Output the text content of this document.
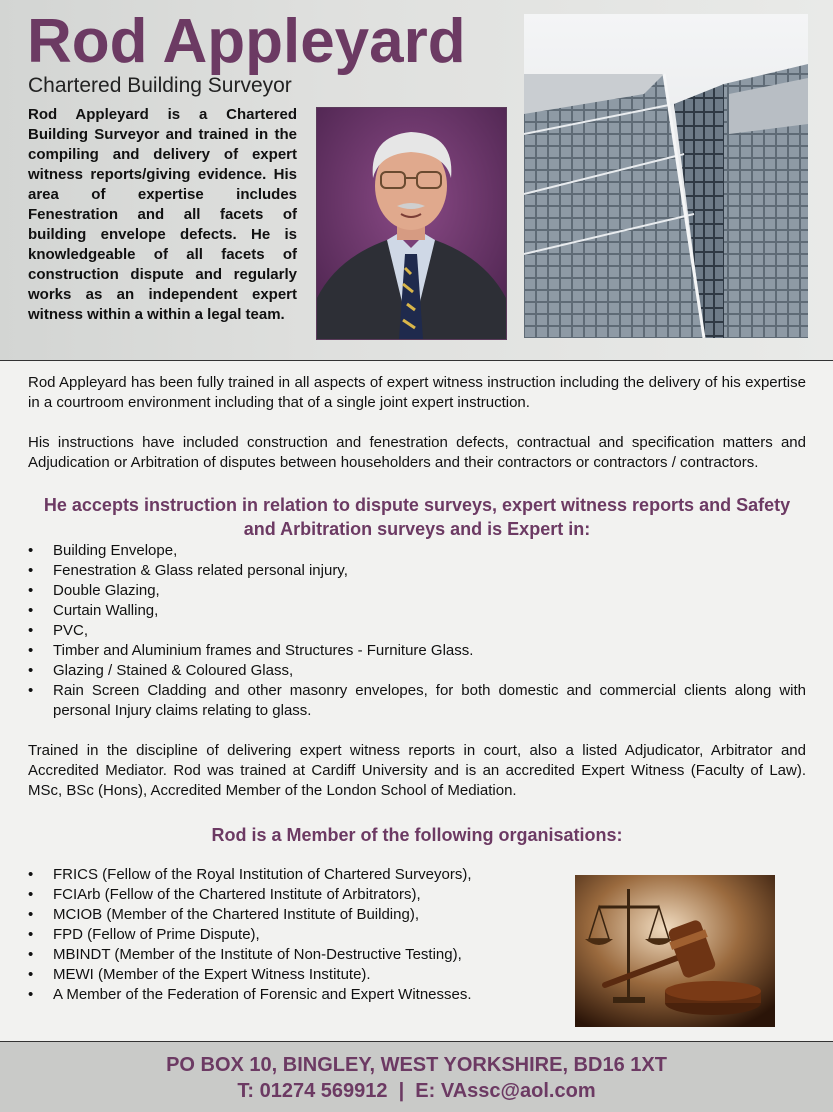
Rod Appleyard
Chartered Building Surveyor
Rod Appleyard is a Chartered Building Surveyor and trained in the compiling and delivery of expert witness reports/giving evidence. His area of expertise includes Fenestration and all facets of building envelope defects. He is knowledgeable of all facets of construction dispute and regularly works as an independent expert witness within a within a legal team.

Rod Appleyard has been fully trained in all aspects of expert witness instruction including the delivery of his expertise in a courtroom environment including that of a single joint expert instruction.

His instructions have included construction and fenestration defects, contractual and specification matters and Adjudication or Arbitration of disputes between householders and their contractors or contractors / contractors.

He accepts instruction in relation to dispute surveys, expert witness reports and Safety and Arbitration surveys and is Expert in:

• Building Envelope,
• Fenestration & Glass related personal injury,
• Double Glazing,
• Curtain Walling,
• PVC,
• Timber and Aluminium frames and Structures - Furniture Glass.
• Glazing / Stained & Coloured Glass,
• Rain Screen Cladding and other masonry envelopes, for both domestic and commercial clients along with personal Injury claims relating to glass.

Trained in the discipline of delivering expert witness reports in court, also a listed Adjudicator, Arbitrator and Accredited Mediator. Rod was trained at Cardiff University and is an accredited Expert Witness (Faculty of Law). MSc, BSc (Hons), Accredited Member of the London School of Mediation.

Rod is a Member of the following organisations:

• FRICS (Fellow of the Royal Institution of Chartered Surveyors),
• FCIArb (Fellow of the Chartered Institute of Arbitrators),
• MCIOB (Member of the Chartered Institute of Building),
• FPD (Fellow of Prime Dispute),
• MBINDT (Member of the Institute of Non-Destructive Testing),
• MEWI (Member of the Expert Witness Institute).
• A Member of the Federation of Forensic and Expert Witnesses.
PO BOX 10, BINGLEY, WEST YORKSHIRE, BD16 1XT
T: 01274 569912  |  E: VAssc@aol.com
